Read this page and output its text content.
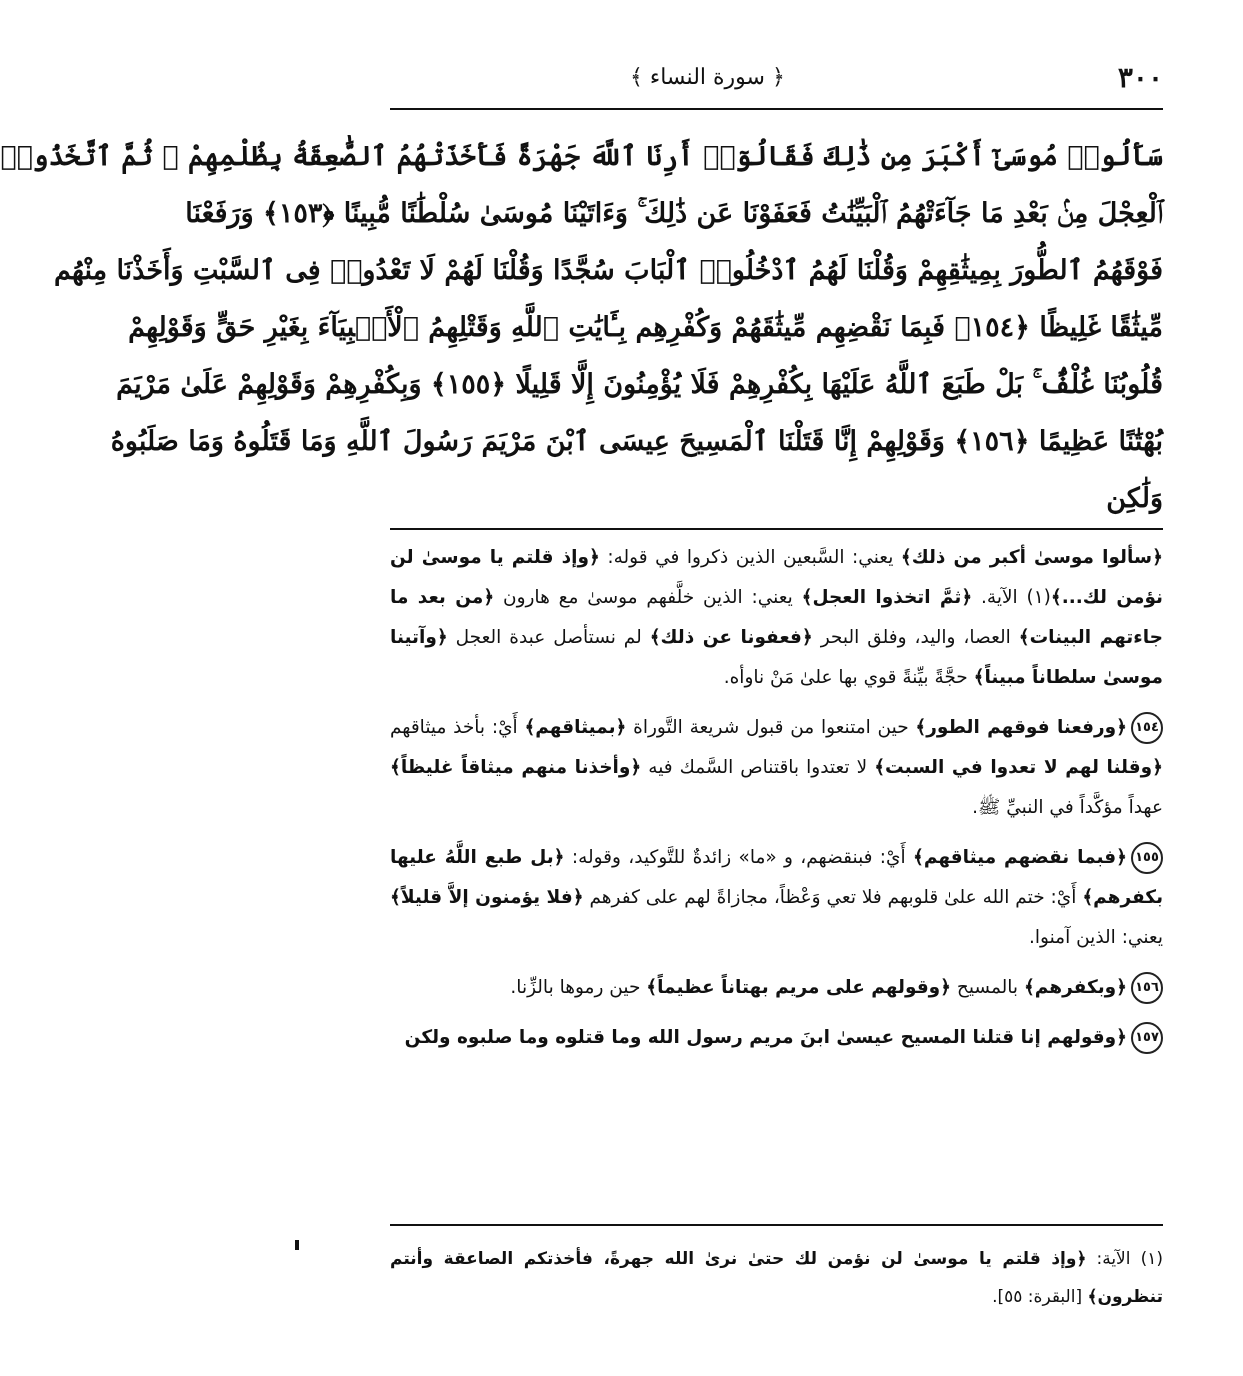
٣٠٠
﴿ سورة النساء ﴾
سَأَلُوا۟ مُوسَىٰٓ أَكْبَرَ مِن ذَٰلِكَ فَقَالُوٓا۟ أَرِنَا ٱللَّهَ جَهْرَةً فَأَخَذَتْهُمُ ٱلصَّٰعِقَةُ بِظُلْمِهِمْ ۚ ثُمَّ ٱتَّخَذُوا۟
ٱلْعِجْلَ مِنۢ بَعْدِ مَا جَآءَتْهُمُ ٱلْبَيِّنَٰتُ فَعَفَوْنَا عَن ذَٰلِكَ ۚ وَءَاتَيْنَا مُوسَىٰ سُلْطَٰنًا مُّبِينًا ﴿١٥٣﴾ وَرَفَعْنَا
فَوْقَهُمُ ٱلطُّورَ بِمِيثَٰقِهِمْ وَقُلْنَا لَهُمُ ٱدْخُلُوا۟ ٱلْبَابَ سُجَّدًا وَقُلْنَا لَهُمْ لَا تَعْدُوا۟ فِى ٱلسَّبْتِ وَأَخَذْنَا مِنْهُم
مِّيثَٰقًا غَلِيظًا ﴿١٥٤﴾ فَبِمَا نَقْضِهِم مِّيثَٰقَهُمْ وَكُفْرِهِم بِـَٔايَٰتِ ٱللَّهِ وَقَتْلِهِمُ ٱلْأَنۢبِيَآءَ بِغَيْرِ حَقٍّ وَقَوْلِهِمْ
قُلُوبُنَا غُلْفٌۢ ۚ بَلْ طَبَعَ ٱللَّهُ عَلَيْهَا بِكُفْرِهِمْ فَلَا يُؤْمِنُونَ إِلَّا قَلِيلًا ﴿١٥٥﴾ وَبِكُفْرِهِمْ وَقَوْلِهِمْ عَلَىٰ مَرْيَمَ
بُهْتَٰنًا عَظِيمًا ﴿١٥٦﴾ وَقَوْلِهِمْ إِنَّا قَتَلْنَا ٱلْمَسِيحَ عِيسَى ٱبْنَ مَرْيَمَ رَسُولَ ٱللَّهِ وَمَا قَتَلُوهُ وَمَا صَلَبُوهُ
وَلَٰكِن

﴿سألوا موسىٰ أكبر من ذلك﴾ يعني: السَّبعين الذين ذكروا في قوله: ﴿وإذ قلتم يا موسىٰ لن نؤمن لك...﴾(١) الآية. ﴿ثمَّ اتخذوا العجل﴾ يعني: الذين خلَّفهم موسىٰ مع هارون ﴿من بعد ما جاءتهم البينات﴾ العصا، واليد، وفلق البحر ﴿فعفونا عن ذلك﴾ لم نستأصل عبدة العجل ﴿وآتينا موسىٰ سلطاناً مبيناً﴾ حجَّةً بيِّنةً قوي بها علىٰ مَنْ ناوأه.

١٥٤﴿ورفعنا فوقهم الطور﴾ حين امتنعوا من قبول شريعة التَّوراة ﴿بميثاقهم﴾ أَيْ: بأخذ ميثاقهم ﴿وقلنا لهم لا تعدوا في السبت﴾ لا تعتدوا باقتناص السَّمك فيه ﴿وأخذنا منهم ميثاقاً غليظاً﴾ عهداً مؤكَّداً في النبيِّ ﷺ.

١٥٥﴿فبما نقضهم ميثاقهم﴾ أَيْ: فبنقضهم، و «ما» زائدةٌ للتَّوكيد، وقوله: ﴿بل طبع اللَّهُ عليها بكفرهم﴾ أَيْ: ختم الله علىٰ قلوبهم فلا تعي وَعْظاً، مجازاةً لهم على كفرهم ﴿فلا يؤمنون إلاَّ قليلاً﴾ يعني: الذين آمنوا.

١٥٦﴿وبكفرهم﴾ بالمسيح ﴿وقولهم على مريم بهتاناً عظيماً﴾ حين رموها بالزِّنا.

١٥٧﴿وقولهم إنا قتلنا المسيح عيسىٰ ابنَ مريم رسول الله وما قتلوه وما صلبوه ولكن

(١) الآية: ﴿وإذ قلتم يا موسىٰ لن نؤمن لك حتىٰ نرىٰ الله جهرةً، فأخذتكم الصاعقة وأنتم تنظرون﴾ [البقرة: ٥٥].
